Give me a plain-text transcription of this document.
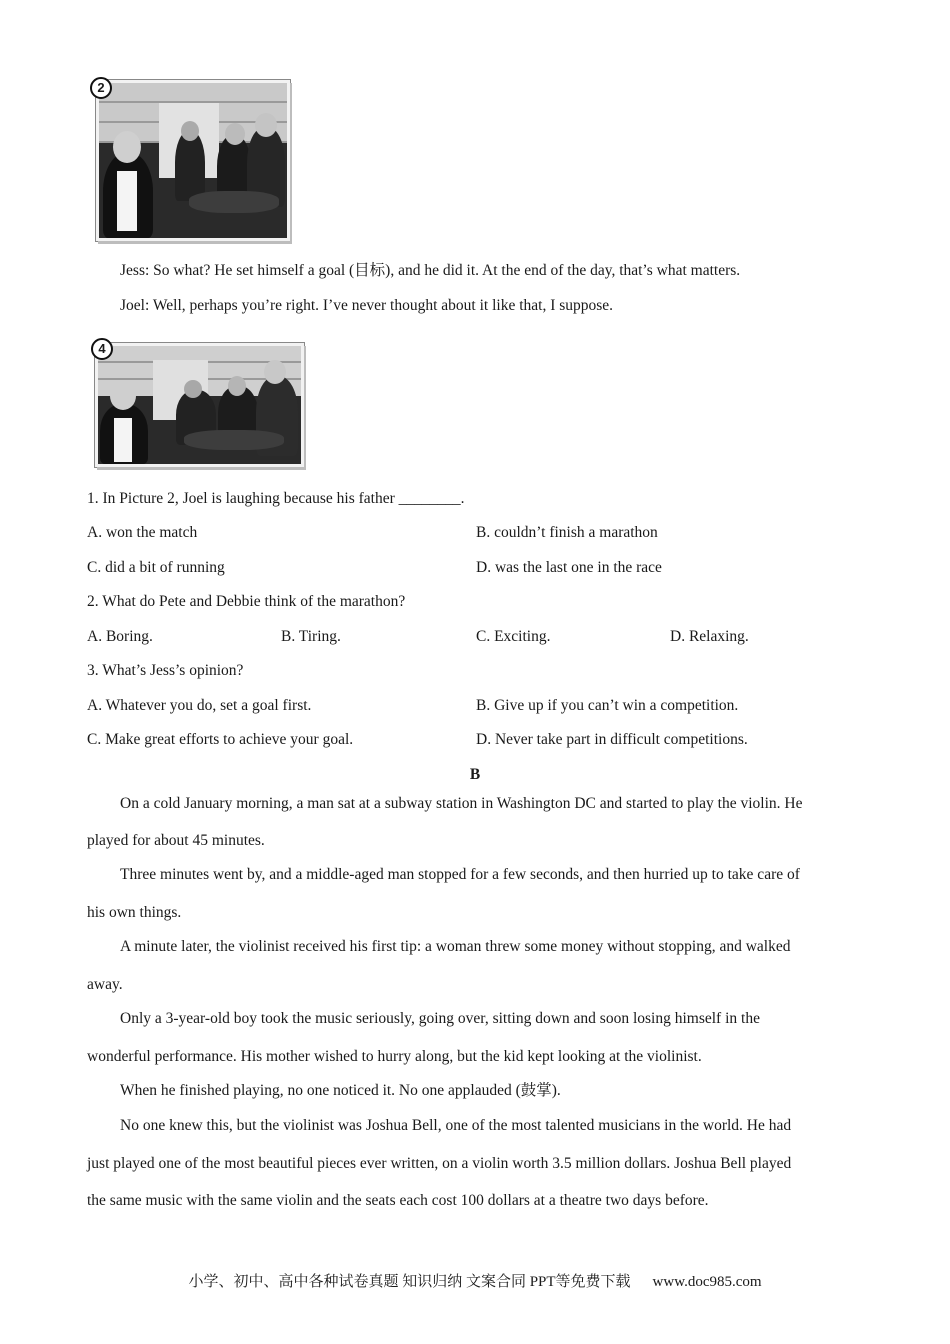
2
Jess: So what? He set himself a goal (目标), and he did it. At the end of the day, that’s what matters.
Joel: Well, perhaps you’re right. I’ve never thought about it like that, I suppose.
4
1. In Picture 2, Joel is laughing because his father ________.
A. won the match	B. couldn’t finish a marathon
C. did a bit of running	D. was the last one in the race
2. What do Pete and Debbie think of the marathon?
A. Boring.	B. Tiring.	C. Exciting.	D. Relaxing.
3. What’s Jess’s opinion?
A. Whatever you do, set a goal first.	B. Give up if you can’t win a competition.
C. Make great efforts to achieve your goal.	D. Never take part in difficult competitions.
B
On a cold January morning, a man sat at a subway station in Washington DC and started to play the violin. He
played for about 45 minutes.
Three minutes went by, and a middle-aged man stopped for a few seconds, and then hurried up to take care of
his own things.
A minute later, the violinist received his first tip: a woman threw some money without stopping, and walked
away.
Only a 3-year-old boy took the music seriously, going over, sitting down and soon losing himself in the
wonderful performance. His mother wished to hurry along, but the kid kept looking at the violinist.
When he finished playing, no one noticed it. No one applauded (鼓掌).
No one knew this, but the violinist was Joshua Bell, one of the most talented musicians in the world. He had
just played one of the most beautiful pieces ever written, on a violin worth 3.5 million dollars. Joshua Bell played
the same music with the same violin and the seats each cost 100 dollars at a theatre two days before.
小学、初中、高中各种试卷真题 知识归纳 文案合同 PPT等免费下载 www.doc985.com
